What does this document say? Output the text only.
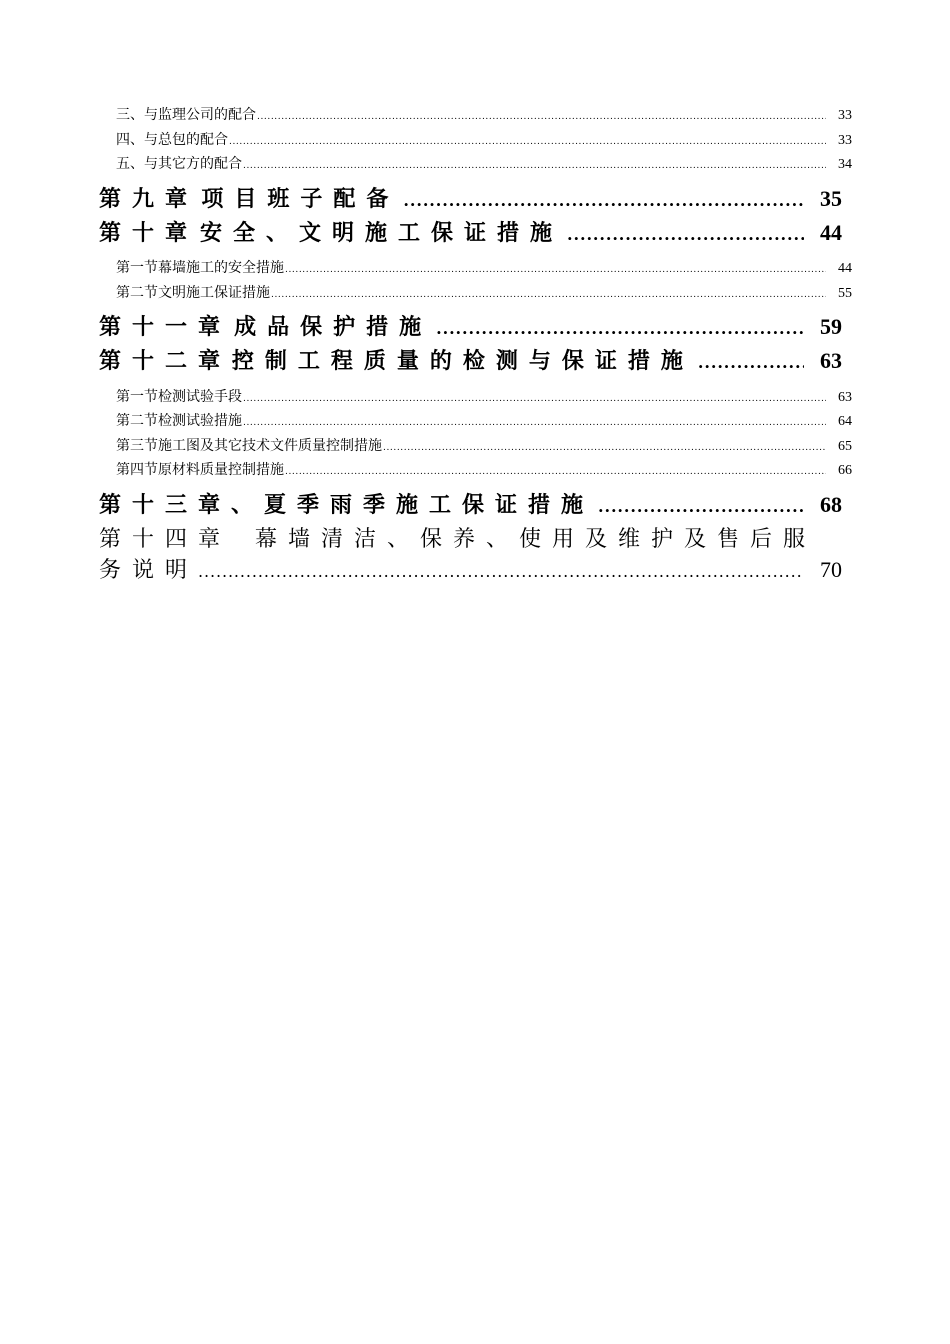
三、与监理公司的配合 .....	33
四、与总包的配合 .....	33
五、与其它方的配合 .....	34
第九章 项目班子配备 .....	35
第十章 安全、文明施工保证措施 .....	44
第一节 幕墙施工的安全措施 .....	44
第二节 文明施工保证措施 .....	55
第十一章 成品保护措施 .....	59
第十二章 控制工程质量的检测与保证措施 .....	63
第一节 检测试验手段 .....	63
第二节 检测试验措施 .....	64
第三节 施工图及其它技术文件质量控制措施 .....	65
第四节 原材料质量控制措施 .....	66
第十三章、夏季雨季施工保证措施 .....	68
第十四章 幕墙清洁、保养、使用及维护及售后服
务说明 .....	70
